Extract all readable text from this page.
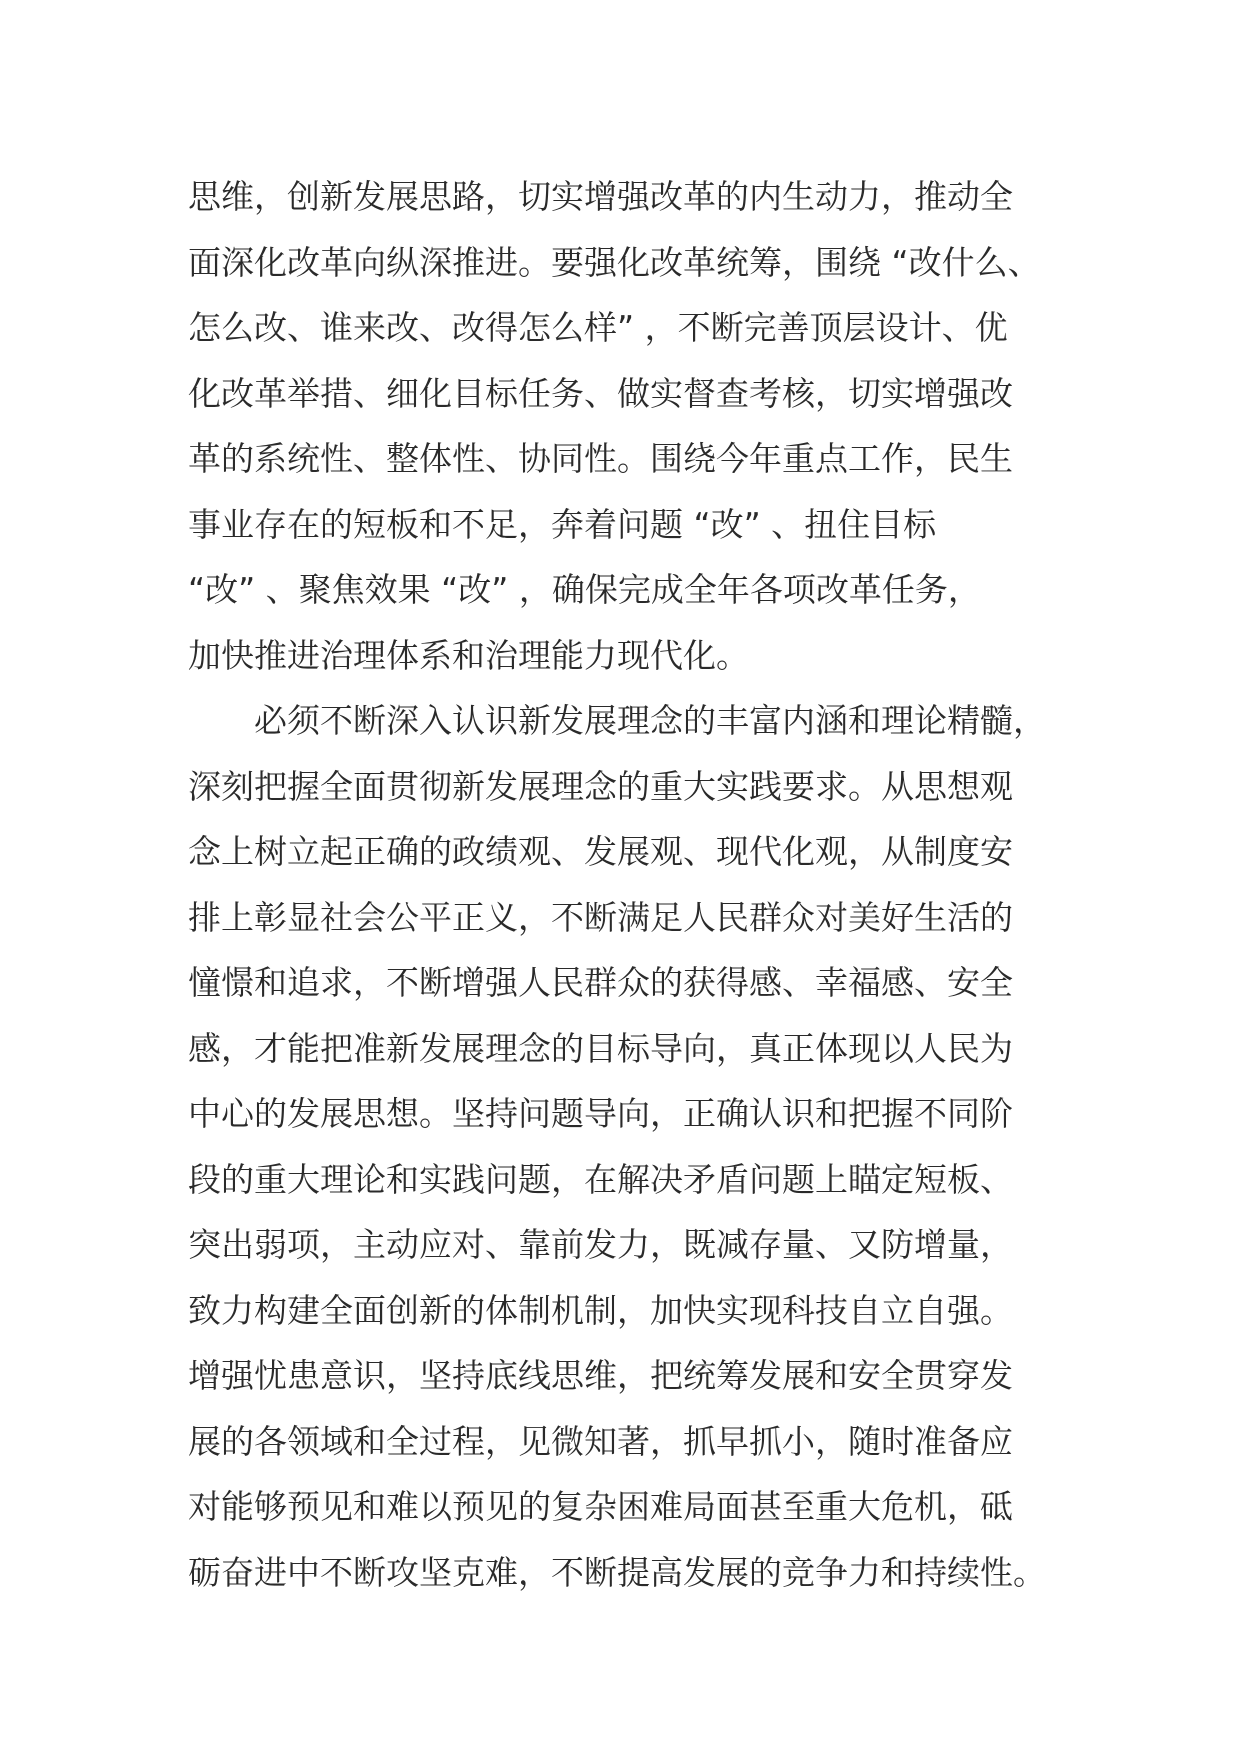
思维，创新发展思路，切实增强改革的内生动力，推动全
面深化改革向纵深推进。要强化改革统筹，围绕 “改什么、
怎么改、谁来改、改得怎么样” ，不断完善顶层设计、优
化改革举措、细化目标任务、做实督查考核，切实增强改
革的系统性、整体性、协同性。围绕今年重点工作，民生
事业存在的短板和不足，奔着问题 “改” 、扭住目标
“改” 、聚焦效果 “改” ，确保完成全年各项改革任务，
加快推进治理体系和治理能力现代化。
　　必须不断深入认识新发展理念的丰富内涵和理论精髓，
深刻把握全面贯彻新发展理念的重大实践要求。从思想观
念上树立起正确的政绩观、发展观、现代化观，从制度安
排上彰显社会公平正义，不断满足人民群众对美好生活的
憧憬和追求，不断增强人民群众的获得感、幸福感、安全
感，才能把准新发展理念的目标导向，真正体现以人民为
中心的发展思想。坚持问题导向，正确认识和把握不同阶
段的重大理论和实践问题，在解决矛盾问题上瞄定短板、
突出弱项，主动应对、靠前发力，既减存量、又防增量，
致力构建全面创新的体制机制，加快实现科技自立自强。
增强忧患意识，坚持底线思维，把统筹发展和安全贯穿发
展的各领域和全过程，见微知著，抓早抓小，随时准备应
对能够预见和难以预见的复杂困难局面甚至重大危机，砥
砺奋进中不断攻坚克难，不断提高发展的竞争力和持续性。
